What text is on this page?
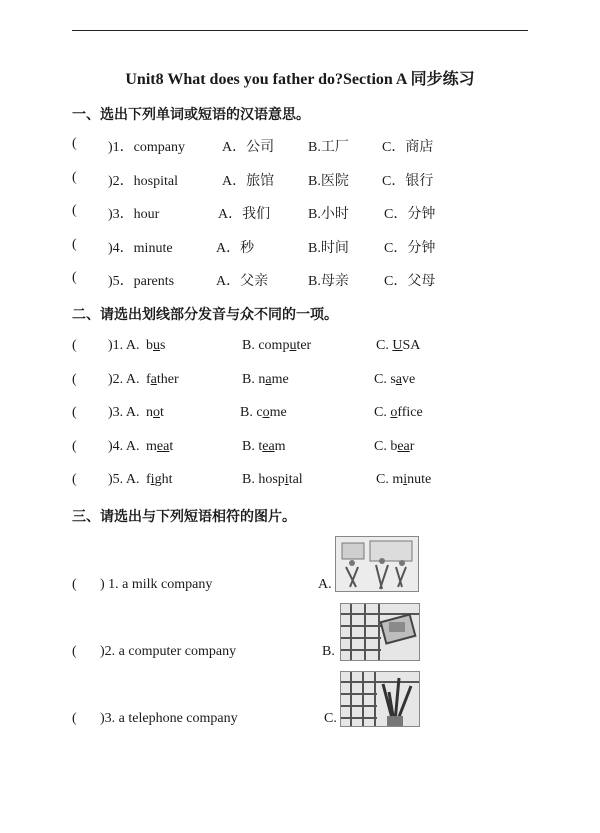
Unit8 What does you father do?Section A 同步练习
一、选出下列单词或短语的汉语意思。
( )1．company	A．公司 B.工厂 C．商店
( )2．hospital	A．旅馆 B.医院 C．银行
( )3．hour	A．我们	B.小时	C．分钟
( )4．minute	A．秒	B.时间	C．分钟
( )5．parents	A．父亲	B.母亲	C．父母
二、请选出划线部分发音与众不同的一项。
( )1. A. bus	B. computer	C. USA
( )2. A. father	B. name	C. save
( )3. A. not	B. come	C. office
( )4. A. meat	B. team	C. bear
( )5. A. fight	B. hospital	C. minute
三、请选出与下列短语相符的图片。
( ) 1. a milk company	A.
( )2. a computer company	B.
( )3. a telephone company	C.
